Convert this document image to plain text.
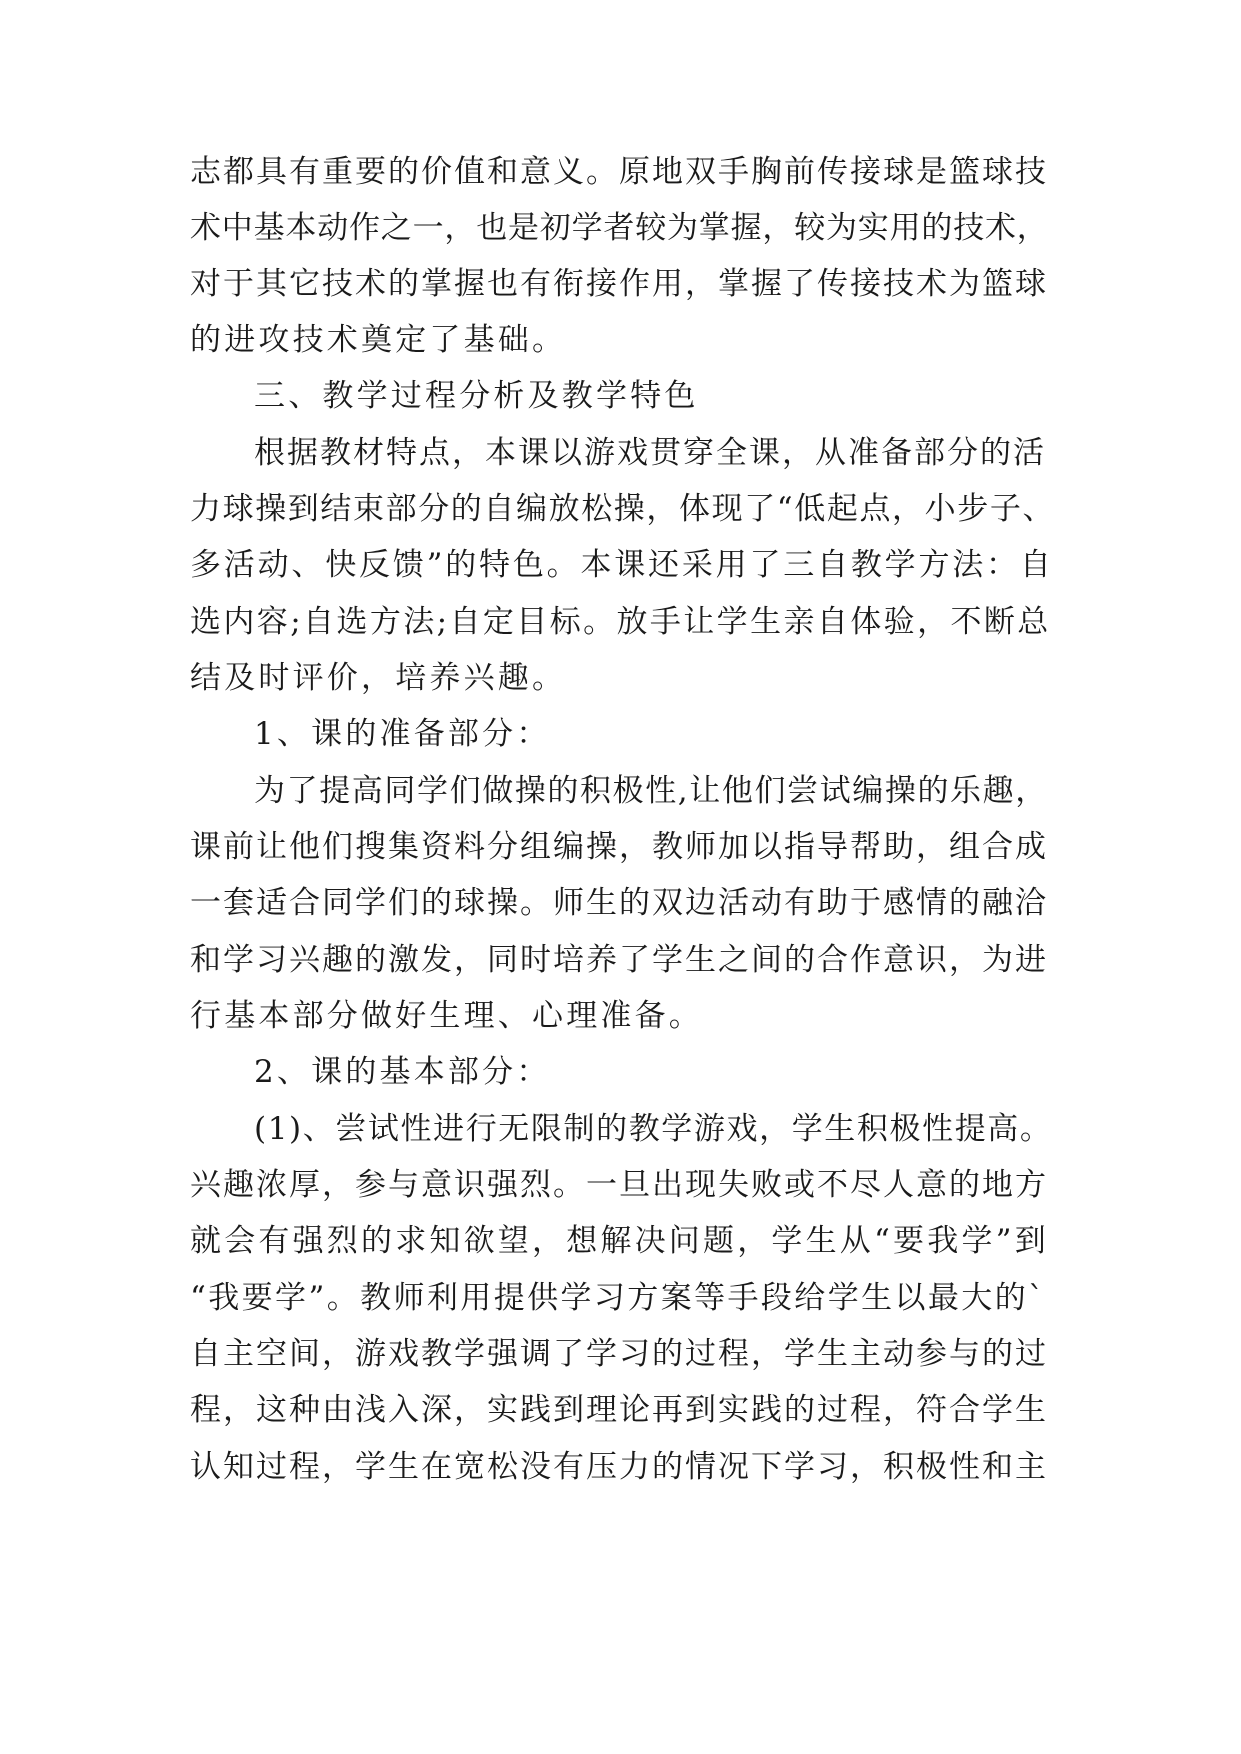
志都具有重要的价值和意义。原地双手胸前传接球是篮球技
术中基本动作之一，也是初学者较为掌握，较为实用的技术，
对于其它技术的掌握也有衔接作用，掌握了传接技术为篮球
的进攻技术奠定了基础。
三、教学过程分析及教学特色
根据教材特点，本课以游戏贯穿全课，从准备部分的活
力球操到结束部分的自编放松操，体现了“低起点，小步子、
多活动、快反馈”的特色。本课还采用了三自教学方法：自
选内容;自选方法;自定目标。放手让学生亲自体验，不断总
结及时评价，培养兴趣。
1、课的准备部分：
为了提高同学们做操的积极性,让他们尝试编操的乐趣，
课前让他们搜集资料分组编操，教师加以指导帮助，组合成
一套适合同学们的球操。师生的双边活动有助于感情的融洽
和学习兴趣的激发，同时培养了学生之间的合作意识，为进
行基本部分做好生理、心理准备。
2、课的基本部分：
(1)、尝试性进行无限制的教学游戏，学生积极性提高。
兴趣浓厚，参与意识强烈。一旦出现失败或不尽人意的地方
就会有强烈的求知欲望，想解决问题，学生从“要我学”到
“我要学”。教师利用提供学习方案等手段给学生以最大的`
自主空间，游戏教学强调了学习的过程，学生主动参与的过
程，这种由浅入深，实践到理论再到实践的过程，符合学生
认知过程，学生在宽松没有压力的情况下学习，积极性和主
